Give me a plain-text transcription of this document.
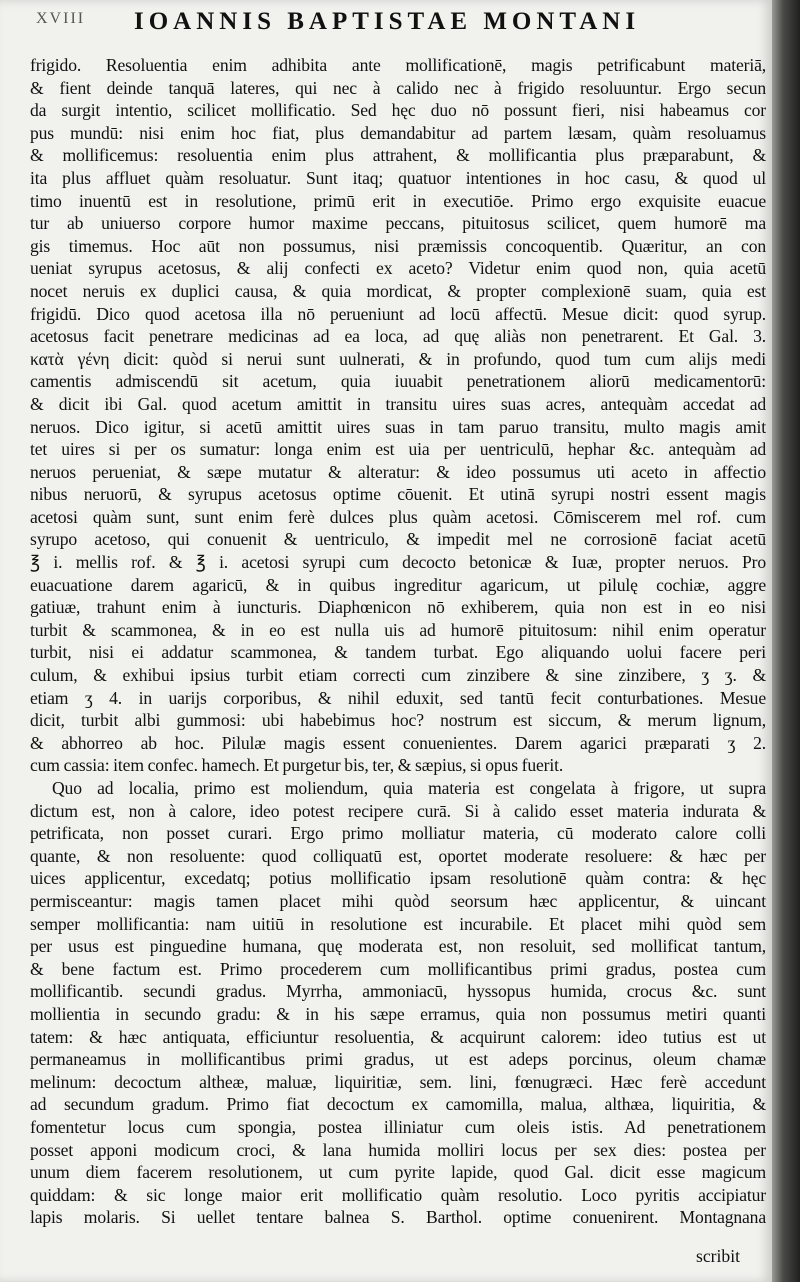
XVIII IOANNIS BAPTISTAE MONTANI
frigido. Resoluentia enim adhibita ante mollificationē, magis petrificabunt materiā,
& fient deinde tanquā lateres, qui nec à calido nec à frigido resoluuntur. Ergo secun
da surgit intentio, scilicet mollificatio. Sed hęc duo nō possunt fieri, nisi habeamus cor
pus mundū: nisi enim hoc fiat, plus demandabitur ad partem læsam, quàm resoluamus
& mollificemus: resoluentia enim plus attrahent, & mollificantia plus præparabunt, &
ita plus affluet quàm resoluatur. Sunt itaq; quatuor intentiones in hoc casu, & quod ul
timo inuentū est in resolutione, primū erit in executiōe. Primo ergo exquisite euacue
tur ab uniuerso corpore humor maxime peccans, pituitosus scilicet, quem humorē ma
gis timemus. Hoc aūt non possumus, nisi præmissis concoquentib. Quæritur, an con
ueniat syrupus acetosus, & alij confecti ex aceto? Videtur enim quod non, quia acetū
nocet neruis ex duplici causa, & quia mordicat, & propter complexionē suam, quia est
frigidū. Dico quod acetosa illa nō perueniunt ad locū affectū. Mesue dicit: quod syrup.
acetosus facit penetrare medicinas ad ea loca, ad quę aliàs non penetrarent. Et Gal. 3.
κατὰ γένη dicit: quòd si nerui sunt uulnerati, & in profundo, quod tum cum alijs medi
camentis admiscendū sit acetum, quia iuuabit penetrationem aliorū medicamentorū:
& dicit ibi Gal. quod acetum amittit in transitu uires suas acres, antequàm accedat ad
neruos. Dico igitur, si acetū amittit uires suas in tam paruo transitu, multo magis amit
tet uires si per os sumatur: longa enim est uia per uentriculū, hephar &c. antequàm ad
neruos perueniat, & sæpe mutatur & alteratur: & ideo possumus uti aceto in affectio
nibus neruorū, & syrupus acetosus optime cōuenit. Et utinā syrupi nostri essent magis
acetosi quàm sunt, sunt enim ferè dulces plus quàm acetosi. Cōmiscerem mel rof. cum
syrupo acetoso, qui conuenit & uentriculo, & impedit mel ne corrosionē faciat acetū
℥ i. mellis rof. & ℥ i. acetosi syrupi cum decocto betonicæ & Iuæ, propter neruos. Pro
euacuatione darem agaricū, & in quibus ingreditur agaricum, ut pilulę cochiæ, aggre
gatiuæ, trahunt enim à iuncturis. Diaphœnicon nō exhiberem, quia non est in eo nisi
turbit & scammonea, & in eo est nulla uis ad humorē pituitosum: nihil enim operatur
turbit, nisi ei addatur scammonea, & tandem turbat. Ego aliquando uolui facere peri
culum, & exhibui ipsius turbit etiam correcti cum zinzibere & sine zinzibere, ʒ ʒ. &
etiam ʒ 4. in uarijs corporibus, & nihil eduxit, sed tantū fecit conturbationes. Mesue
dicit, turbit albi gummosi: ubi habebimus hoc? nostrum est siccum, & merum lignum,
& abhorreo ab hoc. Pilulæ magis essent conuenientes. Darem agarici præparati ʒ 2.
cum cassia: item confec. hamech. Et purgetur bis, ter, & sæpius, si opus fuerit.
Quo ad localia, primo est moliendum, quia materia est congelata à frigore, ut supra
dictum est, non à calore, ideo potest recipere curā. Si à calido esset materia indurata &
petrificata, non posset curari. Ergo primo molliatur materia, cū moderato calore colli
quante, & non resoluente: quod colliquatū est, oportet moderate resoluere: & hæc per
uices applicentur, excedatq; potius mollificatio ipsam resolutionē quàm contra: & hęc
permisceantur: magis tamen placet mihi quòd seorsum hæc applicentur, & uincant
semper mollificantia: nam uitiū in resolutione est incurabile. Et placet mihi quòd sem
per usus est pinguedine humana, quę moderata est, non resoluit, sed mollificat tantum,
& bene factum est. Primo procederem cum mollificantibus primi gradus, postea cum
mollificantib. secundi gradus. Myrrha, ammoniacū, hyssopus humida, crocus &c. sunt
mollientia in secundo gradu: & in his sæpe erramus, quia non possumus metiri quanti
tatem: & hæc antiquata, efficiuntur resoluentia, & acquirunt calorem: ideo tutius est ut
permaneamus in mollificantibus primi gradus, ut est adeps porcinus, oleum chamæ
melinum: decoctum altheæ, maluæ, liquiritiæ, sem. lini, fœnugræci. Hæc ferè accedunt
ad secundum gradum. Primo fiat decoctum ex camomilla, malua, althæa, liquiritia, &
fomentetur locus cum spongia, postea illiniatur cum oleis istis. Ad penetrationem
posset apponi modicum croci, & lana humida molliri locus per sex dies: postea per
unum diem facerem resolutionem, ut cum pyrite lapide, quod Gal. dicit esse magicum
quiddam: & sic longe maior erit mollificatio quàm resolutio. Loco pyritis accipiatur
lapis molaris. Si uellet tentare balnea S. Barthol. optime conuenirent. Montagnana
scribit
